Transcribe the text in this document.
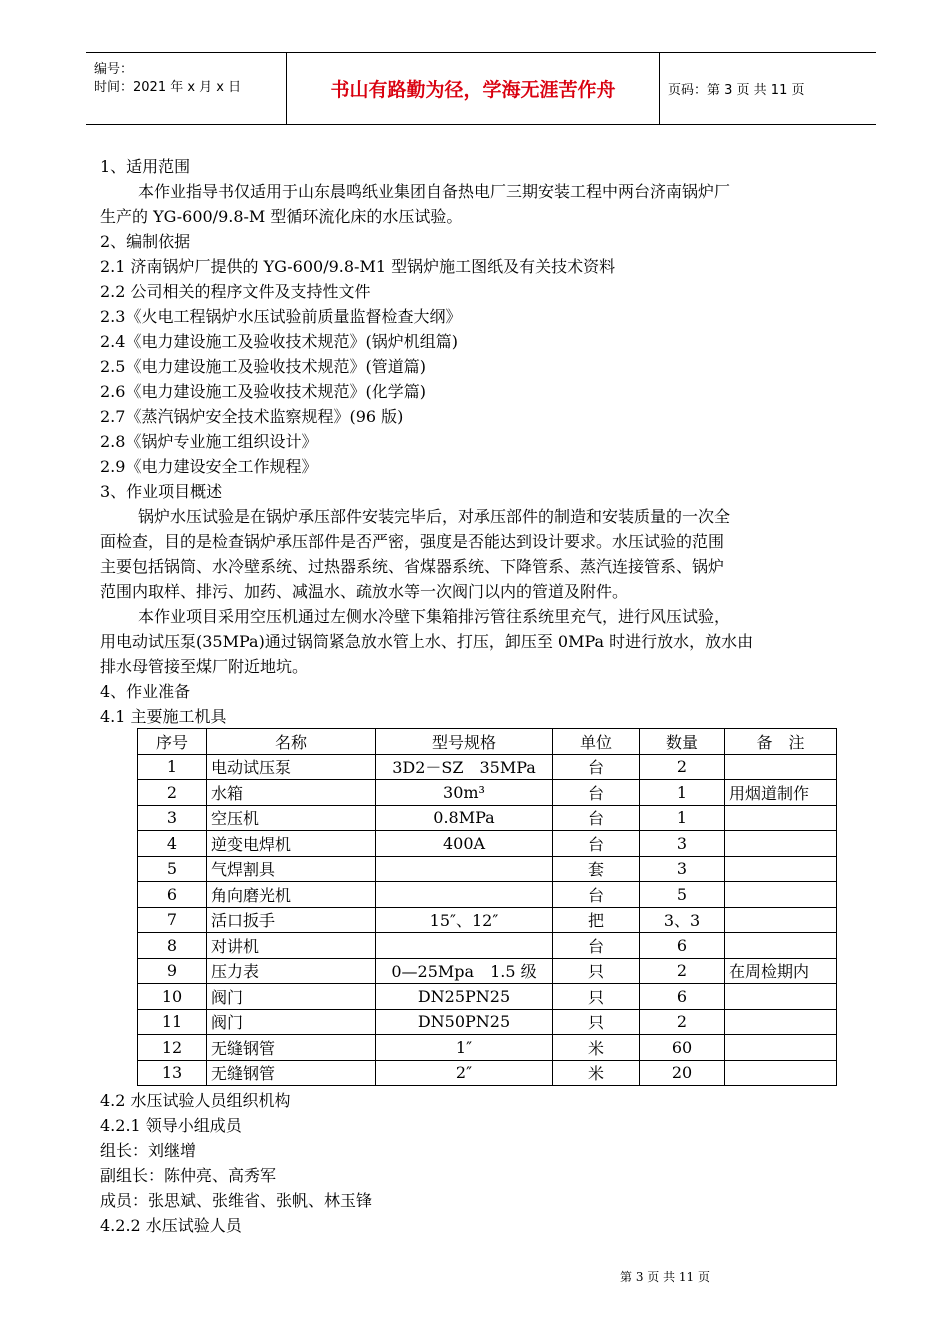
编号：
时间：2021 年 x 月 x 日	书山有路勤为径，学海无涯苦作舟	页码：第 3 页 共 11 页
1、适用范围
本作业指导书仅适用于山东晨鸣纸业集团自备热电厂三期安装工程中两台济南锅炉厂
生产的 YG-600/9.8-M 型循环流化床的水压试验。
2、编制依据
2.1 济南锅炉厂提供的 YG-600/9.8-M1 型锅炉施工图纸及有关技术资料
2.2 公司相关的程序文件及支持性文件
2.3《火电工程锅炉水压试验前质量监督检查大纲》
2.4《电力建设施工及验收技术规范》(锅炉机组篇)
2.5《电力建设施工及验收技术规范》(管道篇)
2.6《电力建设施工及验收技术规范》(化学篇)
2.7《蒸汽锅炉安全技术监察规程》(96 版)
2.8《锅炉专业施工组织设计》
2.9《电力建设安全工作规程》
3、作业项目概述
锅炉水压试验是在锅炉承压部件安装完毕后，对承压部件的制造和安装质量的一次全
面检查，目的是检查锅炉承压部件是否严密，强度是否能达到设计要求。水压试验的范围
主要包括锅筒、水冷壁系统、过热器系统、省煤器系统、下降管系、蒸汽连接管系、锅炉
范围内取样、排污、加药、减温水、疏放水等一次阀门以内的管道及附件。
本作业项目采用空压机通过左侧水冷壁下集箱排污管往系统里充气，进行风压试验，
用电动试压泵(35MPa)通过锅筒紧急放水管上水、打压，卸压至 0MPa 时进行放水，放水由
排水母管接至煤厂附近地坑。
4、作业准备
4.1 主要施工机具
序号	名称	型号规格	单位	数量	备　注
1	电动试压泵	3D2－SZ　35MPa	台	2	
2	水箱	30m³	台	1	用烟道制作
3	空压机	0.8MPa	台	1	
4	逆变电焊机	400A	台	3	
5	气焊割具		套	3	
6	角向磨光机		台	5	
7	活口扳手	15″、12″	把	3、3	
8	对讲机		台	6	
9	压力表	0—25Mpa　1.5 级	只	2	在周检期内
10	阀门	DN25PN25	只	6	
11	阀门	DN50PN25	只	2	
12	无缝钢管	1″	米	60	
13	无缝钢管	2″	米	20	
4.2 水压试验人员组织机构
4.2.1 领导小组成员
组长：刘继增
副组长：陈仲亮、高秀军
成员：张思斌、张维省、张帆、林玉锋
4.2.2 水压试验人员
第 3 页 共 11 页
